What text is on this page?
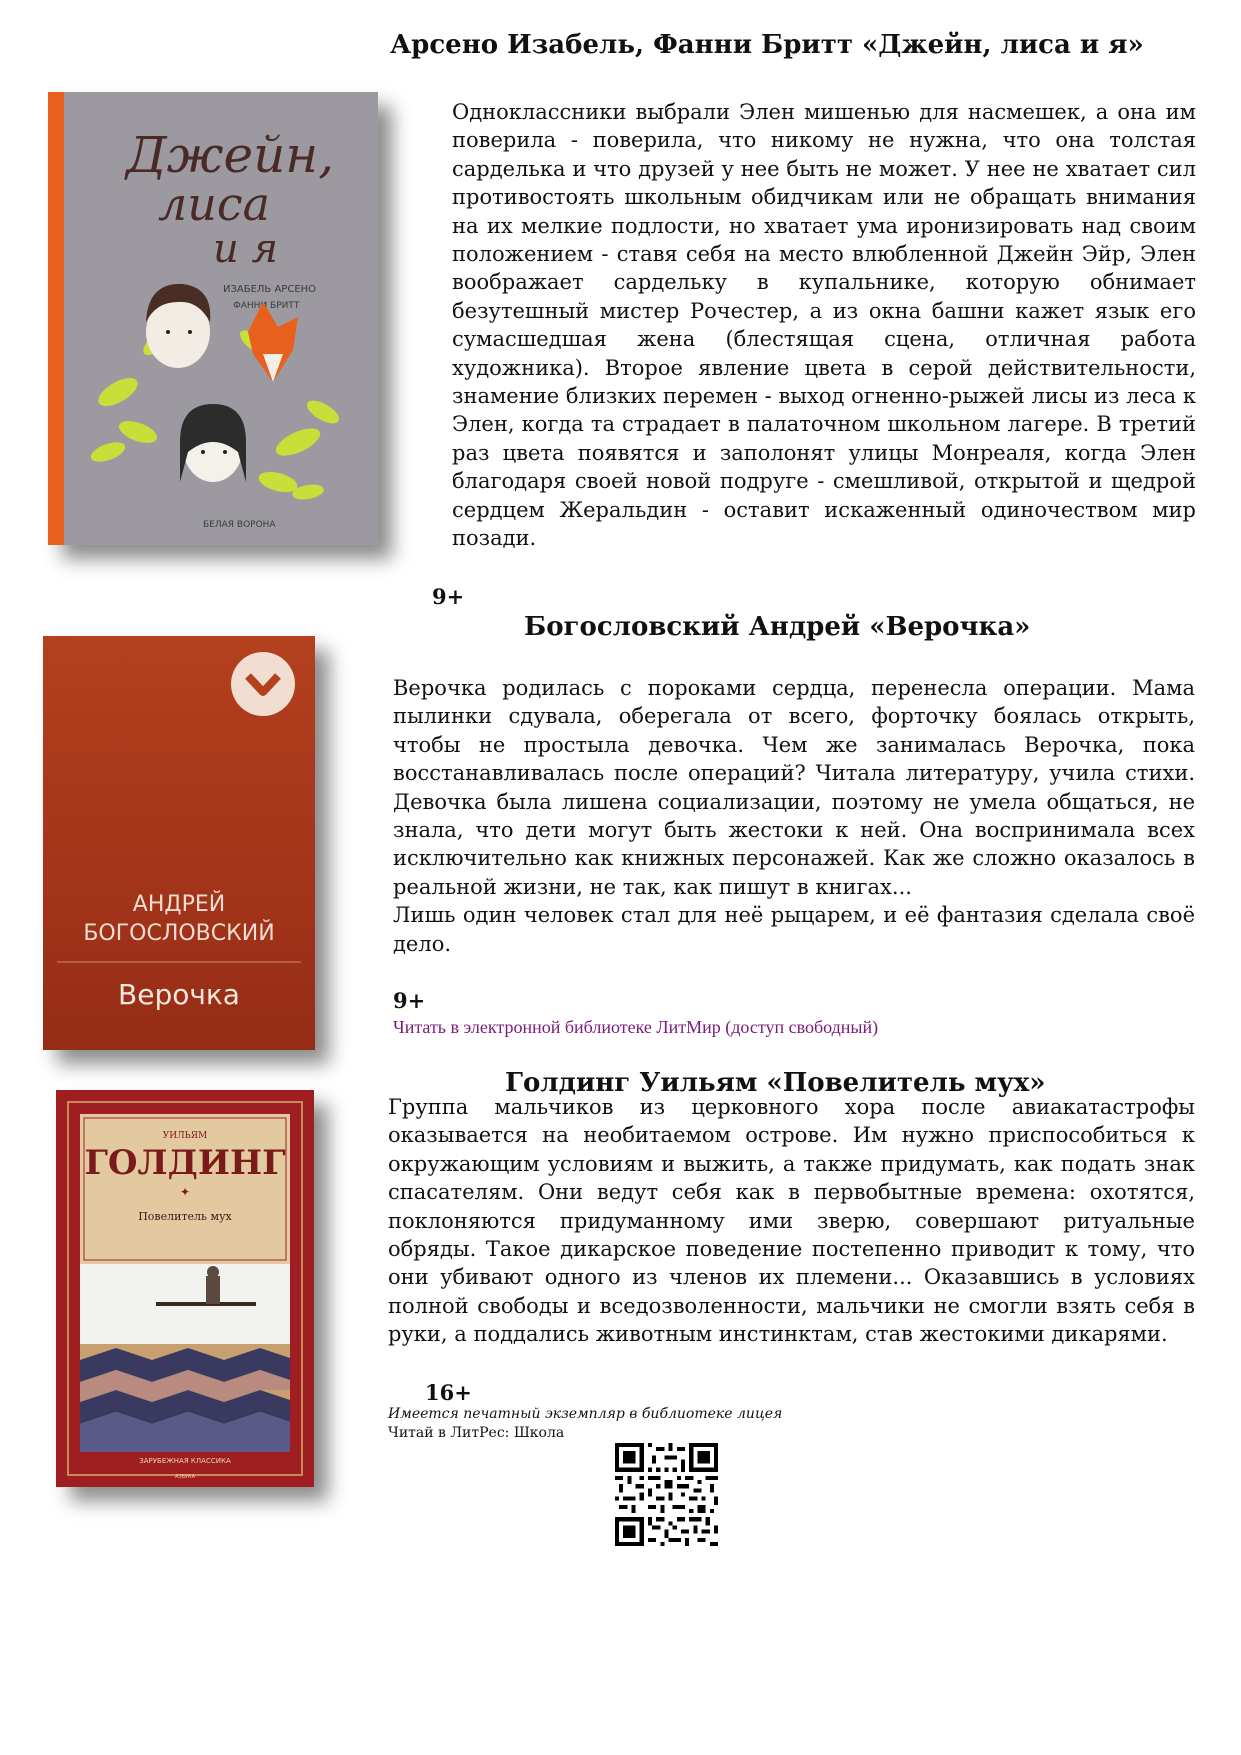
Арсено Изабель, Фанни Бритт «Джейн, лиса и я»
Джейн,
лиса
и я
ИЗАБЕЛЬ АРСЕНО
ФАННИ БРИТТ
БЕЛАЯ ВОРОНА

Одноклассники выбрали Элен мишенью для насмешек, а она им поверила - поверила, что никому не нужна, что она толстая сарделька и что друзей у нее быть не может. У нее не хватает сил противостоять школьным обидчикам или не обращать внимания на их мелкие подлости, но хватает ума иронизировать над своим положением - ставя себя на место влюбленной Джейн Эйр, Элен воображает сардельку в купальнике, которую обнимает безутешный мистер Рочестер, а из окна башни кажет язык его сумасшедшая жена (блестящая сцена, отличная работа художника). Второе явление цвета в серой действительности, знамение близких перемен - выход огненно-рыжей лисы из леса к Элен, когда та страдает в палаточном школьном лагере. В третий раз цвета появятся и заполонят улицы Монреаля, когда Элен благодаря своей новой подруге - смешливой, открытой и щедрой сердцем Жеральдин - оставит искаженный одиночеством мир позади.

9+
Богословский Андрей «Верочка»
АНДРЕЙ
БОГОСЛОВСКИЙ
Верочка

Верочка родилась с пороками сердца, перенесла операции. Мама пылинки сдувала, оберегала от всего, форточку боялась открыть, чтобы не простыла девочка. Чем же занималась Верочка, пока восстанавливалась после операций? Читала литературу, учила стихи. Девочка была лишена социализации, поэтому не умела общаться, не знала, что дети могут быть жестоки к ней. Она воспринимала всех исключительно как книжных персонажей. Как же сложно оказалось в реальной жизни, не так, как пишут в книгах...

Лишь один человек стал для неё рыцарем, и её фантазия сделала своё дело.

9+
Читать в электронной библиотеке ЛитМир (доступ свободный)
Голдинг Уильям «Повелитель мух»
УИЛЬЯМ
ГОЛДИНГ
✦
Повелитель мух
ЗАРУБЕЖНАЯ КЛАССИКА
АЗБУКА

Группа мальчиков из церковного хора после авиакатастрофы оказывается на необитаемом острове. Им нужно приспособиться к окружающим условиям и выжить, а также придумать, как подать знак спасателям. Они ведут себя как в первобытные времена: охотятся, поклоняются придуманному ими зверю, совершают ритуальные обряды. Такое дикарское поведение постепенно приводит к тому, что они убивают одного из членов их племени... Оказавшись в условиях полной свободы и вседозволенности, мальчики не смогли взять себя в руки, а поддались животным инстинктам, став жестокими дикарями.

16+
Имеется печатный экземпляр в библиотеке лицея
Читай в ЛитРес: Школа
